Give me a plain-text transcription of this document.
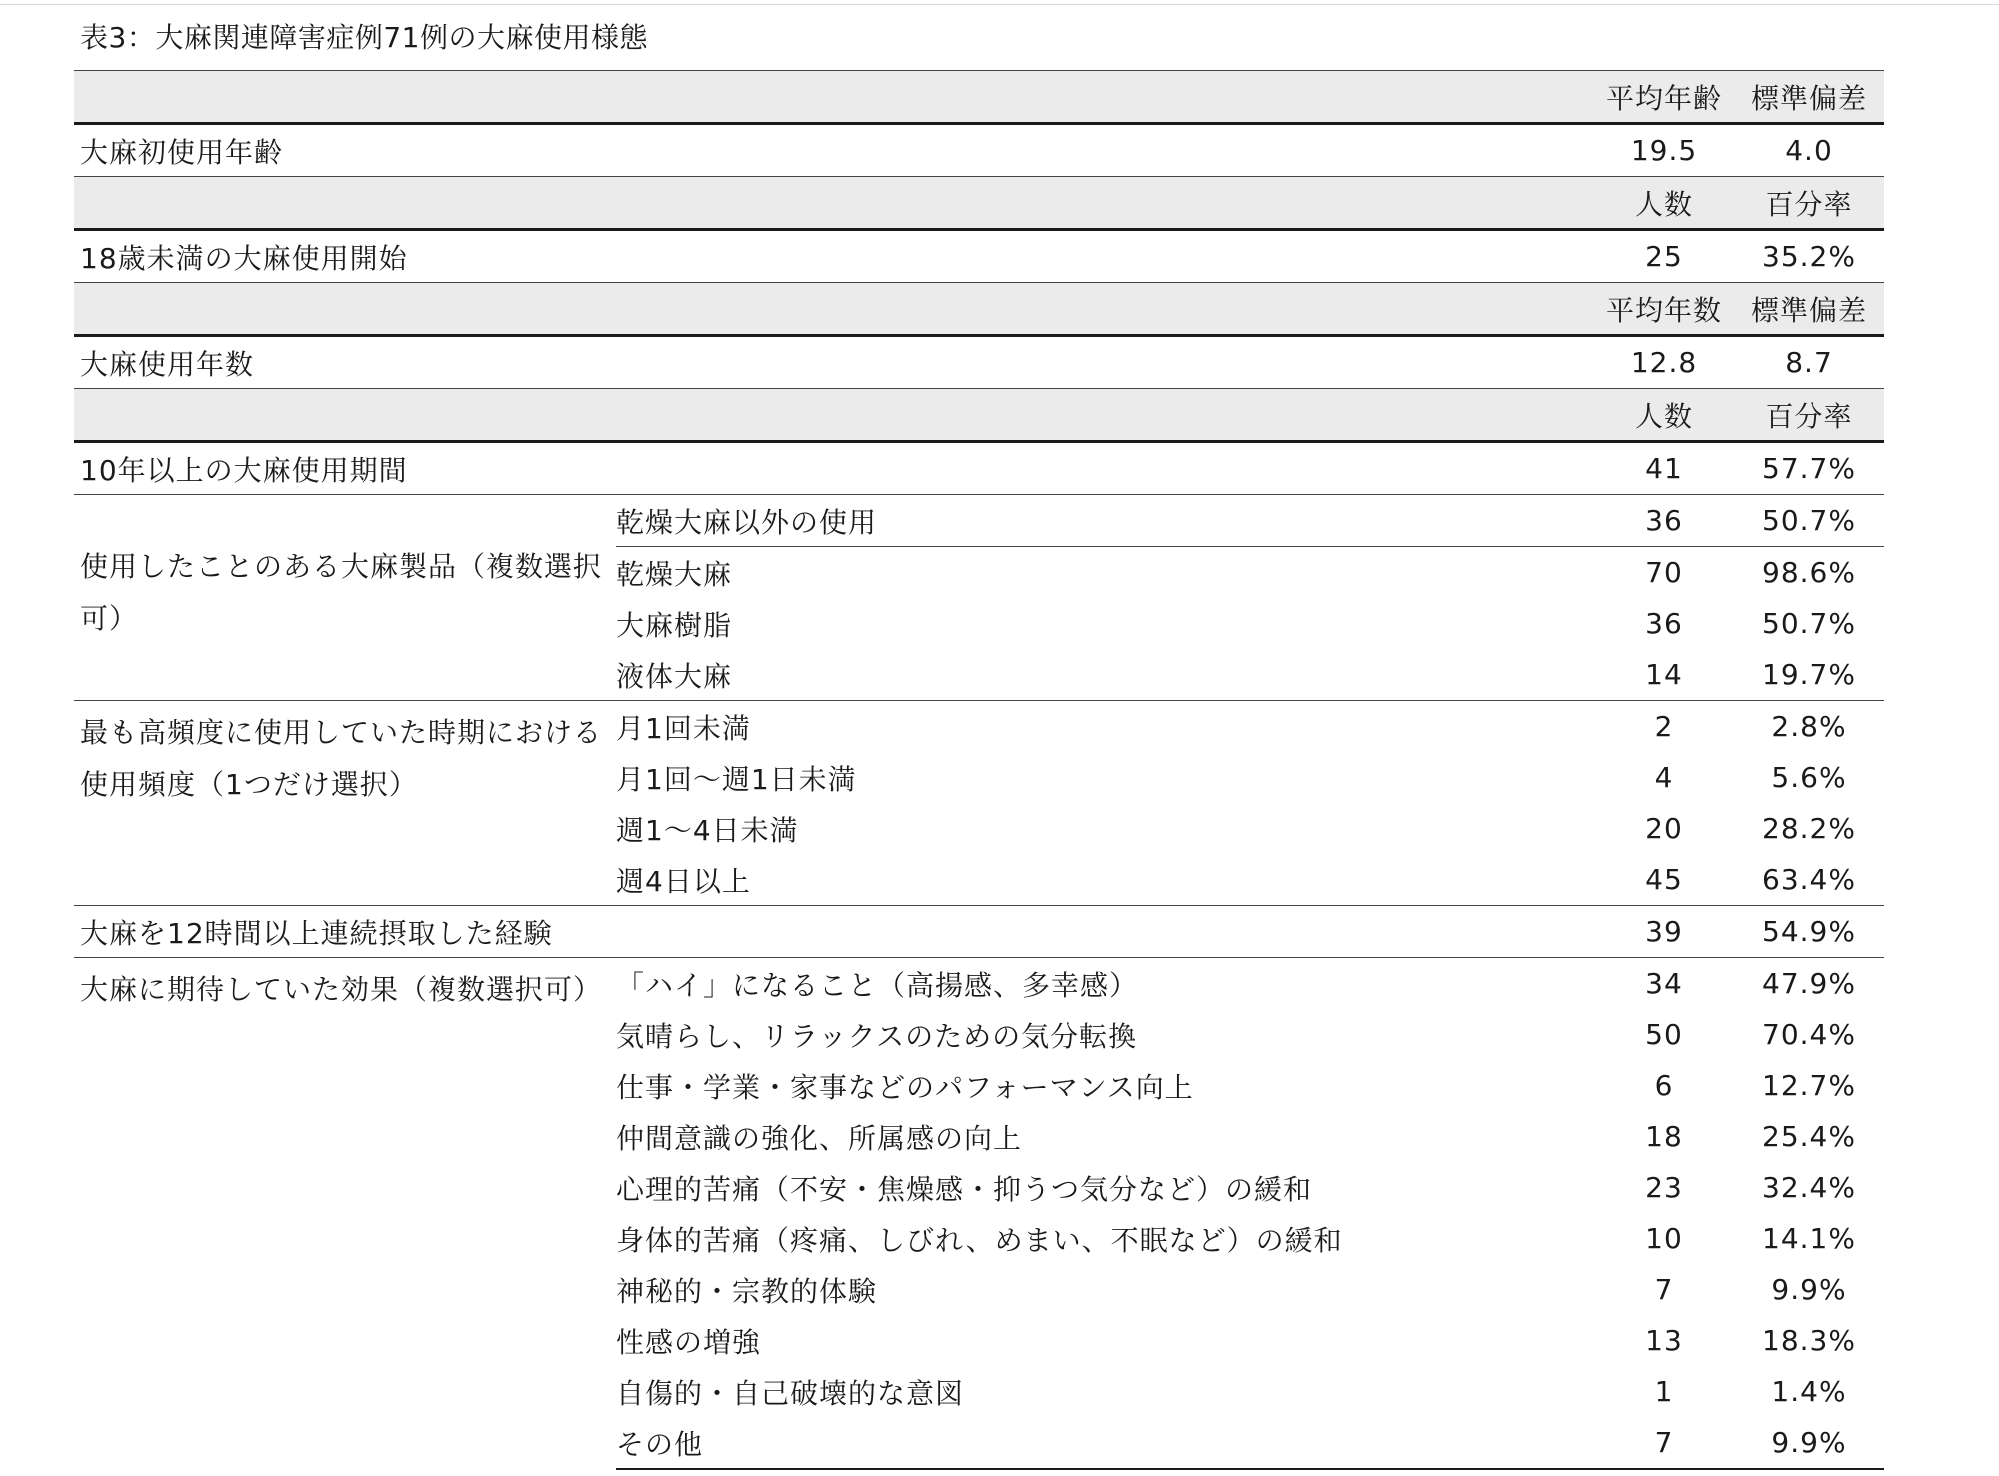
表3：大麻関連障害症例71例の大麻使用様態
		平均年齢	標準偏差
大麻初使用年齢		19.5	4.0
		人数	百分率
18歳未満の大麻使用開始		25	35.2%
		平均年数	標準偏差
大麻使用年数		12.8	8.7
		人数	百分率
10年以上の大麻使用期間		41	57.7%

使用したことのある大麻製品（複数選択可）	乾燥大麻以外の使用	36	50.7%
	乾燥大麻	70	98.6%
	大麻樹脂	36	50.7%
	液体大麻	14	19.7%

最も高頻度に使用していた時期における使用頻度（1つだけ選択）	月1回未満	2	2.8%
	月1回～週1日未満	4	5.6%
	週1～4日未満	20	28.2%
	週4日以上	45	63.4%
大麻を12時間以上連続摂取した経験		39	54.9%

大麻に期待していた効果（複数選択可）	「ハイ」になること（高揚感、多幸感）	34	47.9%
	気晴らし、リラックスのための気分転換	50	70.4%
	仕事・学業・家事などのパフォーマンス向上	6	12.7%
	仲間意識の強化、所属感の向上	18	25.4%
	心理的苦痛（不安・焦燥感・抑うつ気分など）の緩和	23	32.4%
	身体的苦痛（疼痛、しびれ、めまい、不眠など）の緩和	10	14.1%
	神秘的・宗教的体験	7	9.9%
	性感の増強	13	18.3%
	自傷的・自己破壊的な意図	1	1.4%
	その他	7	9.9%
